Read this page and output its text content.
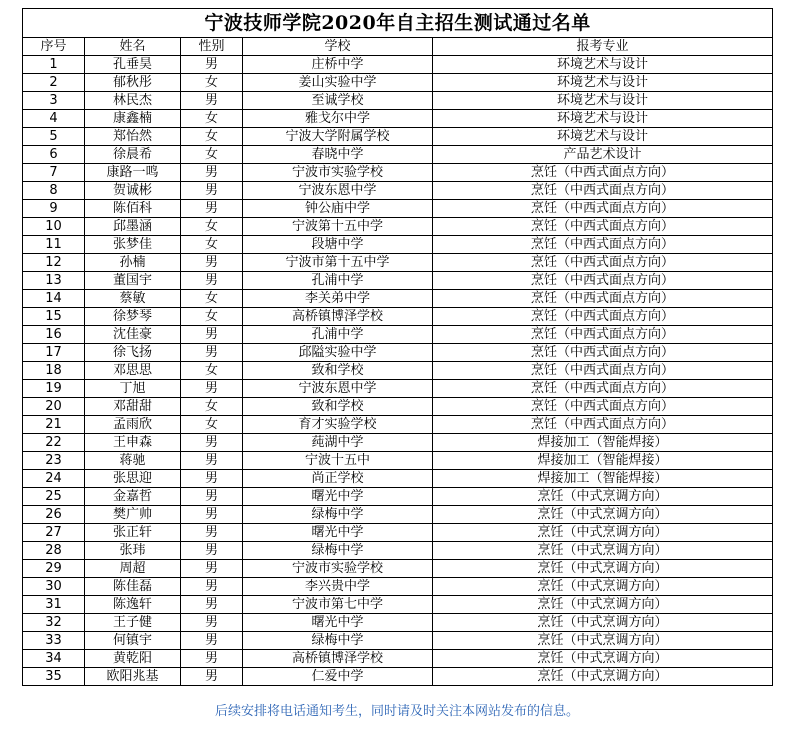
宁波技师学院2020年自主招生测试通过名单				
序号	姓名	性别	学校	报考专业
1	孔垂昊	男	庄桥中学	环境艺术与设计
2	郁秋彤	女	姜山实验中学	环境艺术与设计
3	林民杰	男	至诚学校	环境艺术与设计
4	康鑫楠	女	雅戈尔中学	环境艺术与设计
5	郑怡然	女	宁波大学附属学校	环境艺术与设计
6	徐晨希	女	春晓中学	产品艺术设计
7	康路一鸣	男	宁波市实验学校	烹饪（中西式面点方向）
8	贺诚彬	男	宁波东恩中学	烹饪（中西式面点方向）
9	陈佰科	男	钟公庙中学	烹饪（中西式面点方向）
10	邱墨涵	女	宁波第十五中学	烹饪（中西式面点方向）
11	张梦佳	女	段塘中学	烹饪（中西式面点方向）
12	孙楠	男	宁波市第十五中学	烹饪（中西式面点方向）
13	董国宇	男	孔浦中学	烹饪（中西式面点方向）
14	蔡敏	女	李关弟中学	烹饪（中西式面点方向）
15	徐梦琴	女	高桥镇博泽学校	烹饪（中西式面点方向）
16	沈佳豪	男	孔浦中学	烹饪（中西式面点方向）
17	徐飞扬	男	邱隘实验中学	烹饪（中西式面点方向）
18	邓思思	女	致和学校	烹饪（中西式面点方向）
19	丁旭	男	宁波东恩中学	烹饪（中西式面点方向）
20	邓甜甜	女	致和学校	烹饪（中西式面点方向）
21	孟雨欣	女	育才实验学校	烹饪（中西式面点方向）
22	王申森	男	莼湖中学	焊接加工（智能焊接）
23	蒋驰	男	宁波十五中	焊接加工（智能焊接）
24	张思迎	男	尚正学校	焊接加工（智能焊接）
25	金嘉哲	男	曙光中学	烹饪（中式烹调方向）
26	樊广帅	男	绿梅中学	烹饪（中式烹调方向）
27	张正轩	男	曙光中学	烹饪（中式烹调方向）
28	张玮	男	绿梅中学	烹饪（中式烹调方向）
29	周超	男	宁波市实验学校	烹饪（中式烹调方向）
30	陈佳磊	男	李兴贵中学	烹饪（中式烹调方向）
31	陈逸轩	男	宁波市第七中学	烹饪（中式烹调方向）
32	王子健	男	曙光中学	烹饪（中式烹调方向）
33	何镇宇	男	绿梅中学	烹饪（中式烹调方向）
34	黄乾阳	男	高桥镇博泽学校	烹饪（中式烹调方向）
35	欧阳兆基	男	仁爱中学	烹饪（中式烹调方向）
后续安排将电话通知考生，同时请及时关注本网站发布的信息。
